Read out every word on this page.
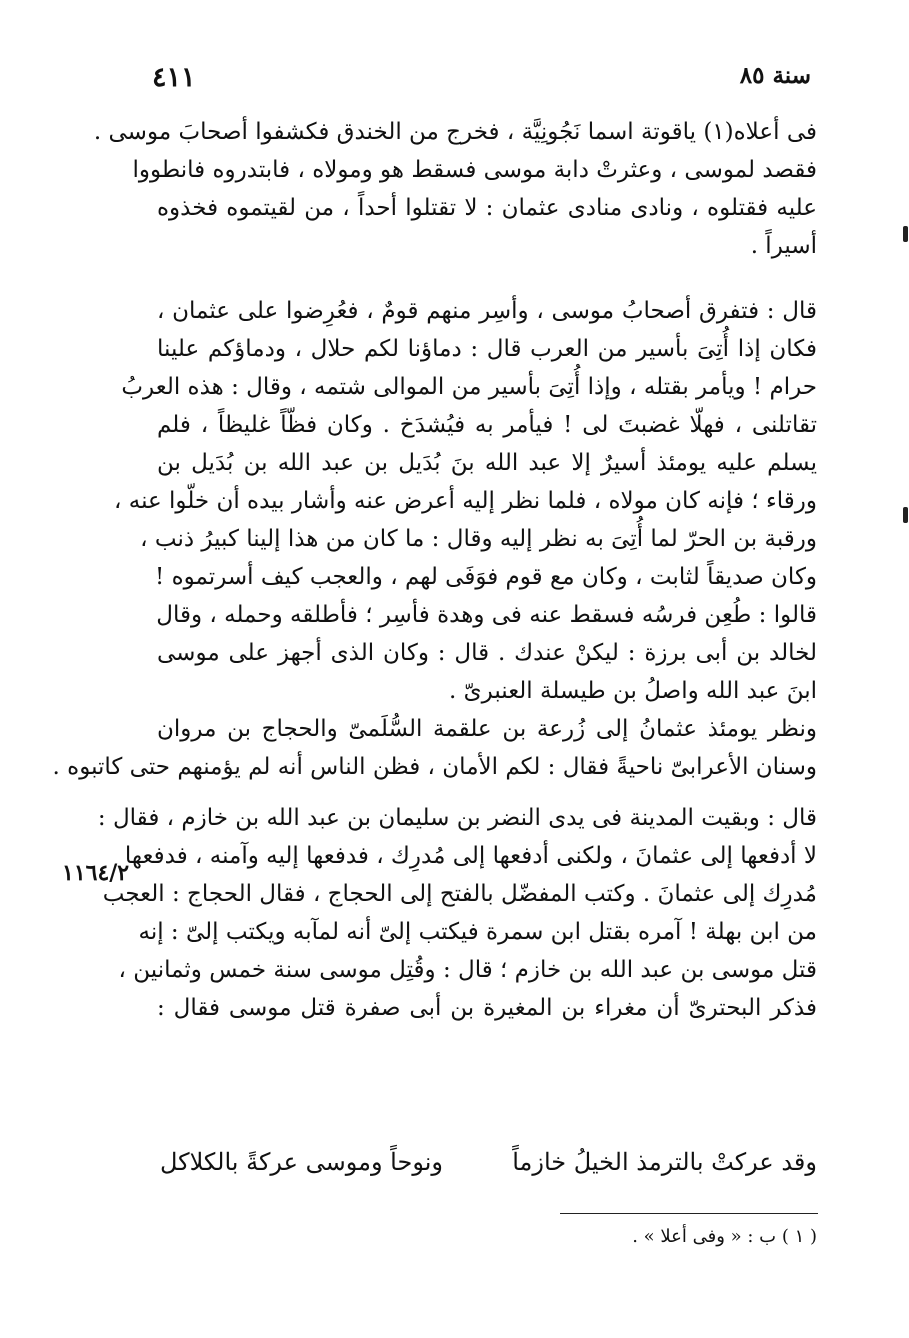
٤١١	سنة ٨٥
١١٦٤/٢
فى أعلاه(١) ياقوتة اسما نَجُونِيَّة ، فخرج من الخندق فكشفوا أصحابَ موسى .
فقصد لموسى ، وعثرتْ دابة موسى فسقط هو ومولاه ، فابتدروه فانطووا
عليه فقتلوه ، ونادى منادى عثمان : لا تقتلوا أحداً ، من لقيتموه فخذوه
أسيراً .
قال : فتفرق أصحابُ موسى ، وأسِر منهم قومٌ ، فعُرِضوا على عثمان ،
فكان إذا أُتِىَ بأسير من العرب قال : دماؤنا لكم حلال ، ودماؤكم علينا
حرام ! ويأمر بقتله ، وإذا أُتِىَ بأسير من الموالى شتمه ، وقال : هذه العربُ
تقاتلنى ، فهلّا غضبتَ لى ! فيأمر به فيُشدَخ . وكان فظّاً غليظاً ، فلم
يسلم عليه يومئذ أسيرٌ إلا عبد الله بنَ بُدَيل بن عبد الله بن بُدَيل بن
ورقاء ؛ فإنه كان مولاه ، فلما نظر إليه أعرض عنه وأشار بيده أن خلّوا عنه ،
ورقبة بن الحرّ لما أُتِىَ به نظر إليه وقال : ما كان من هذا إلينا كبيرُ ذنب ،
وكان صديقاً لثابت ، وكان مع قوم فوَفَى لهم ، والعجب كيف أسرتموه !
قالوا : طُعِن فرسُه فسقط عنه فى وهدة فأسِر ؛ فأطلقه وحمله ، وقال
لخالد بن أبى برزة : ليكنْ عندك . قال : وكان الذى أجهز على موسى
ابنَ عبد الله واصلُ بن طيسلة العنبرىّ .
ونظر يومئذ عثمانُ إلى زُرعة بن علقمة السُّلَمىّ والحجاج بن مروان
وسنان الأعرابىّ ناحيةً فقال : لكم الأمان ، فظن الناس أنه لم يؤمنهم حتى كاتبوه .
قال : وبقيت المدينة فى يدى النضر بن سليمان بن عبد الله بن خازم ، فقال :
لا أدفعها إلى عثمانَ ، ولكنى أدفعها إلى مُدرِك ، فدفعها إليه وآمنه ، فدفعها
مُدرِك إلى عثمانَ . وكتب المفضّل بالفتح إلى الحجاج ، فقال الحجاج : العجب
من ابن بهلة ! آمره بقتل ابن سمرة فيكتب إلىّ أنه لمآبه ويكتب إلىّ : إنه
قتل موسى بن عبد الله بن خازم ؛ قال : وقُتِل موسى سنة خمس وثمانين ،
فذكر البحترىّ أن مغراء بن المغيرة بن أبى صفرة قتل موسى فقال :
وقد عركتْ بالترمذ الخيلُ خازماً
ونوحاً وموسى عركةً بالكلاكل
( ١ ) ب : « وفى أعلا » .
